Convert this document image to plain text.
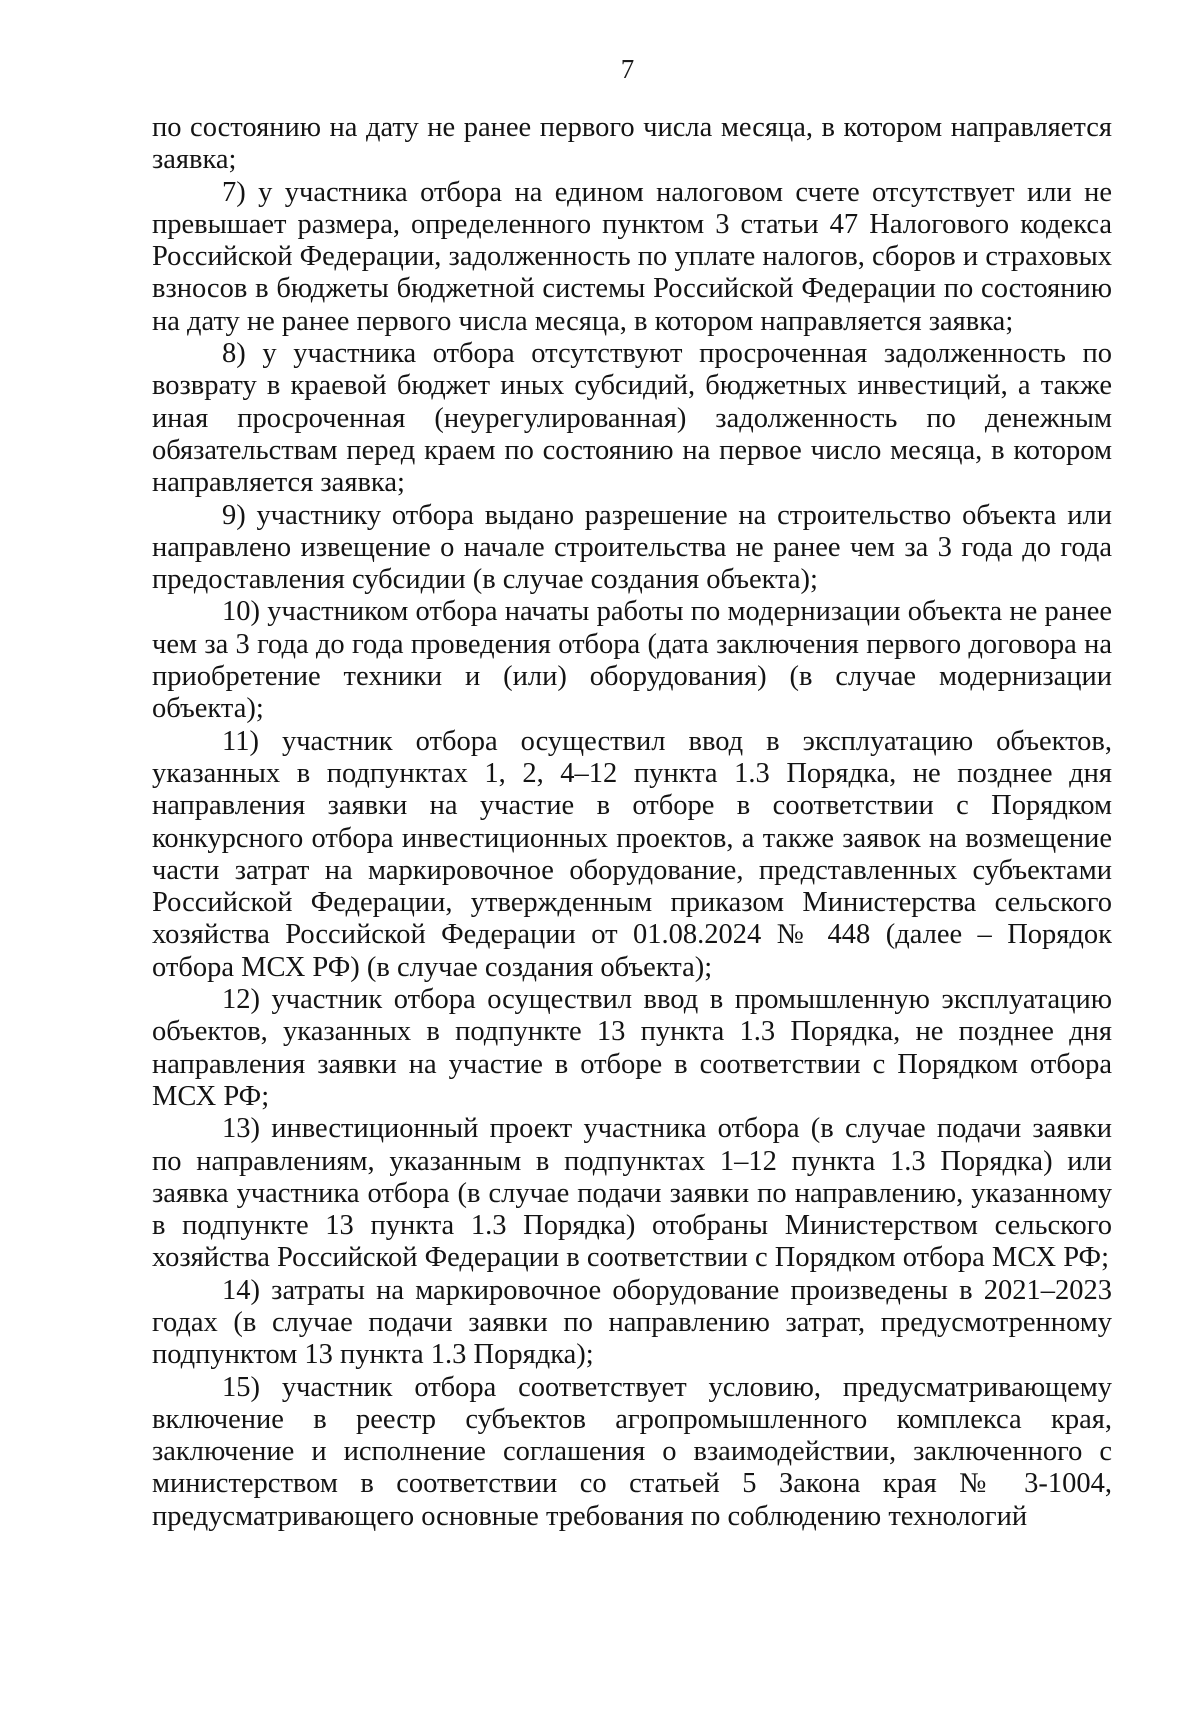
7

по состоянию на дату не ранее первого числа месяца, в котором направляется заявка;

7) у участника отбора на едином налоговом счете отсутствует или не превышает размера, определенного пунктом 3 статьи 47 Налогового кодекса Российской Федерации, задолженность по уплате налогов, сборов и страховых взносов в бюджеты бюджетной системы Российской Федерации по состоянию на дату не ранее первого числа месяца, в котором направляется заявка;

8) у участника отбора отсутствуют просроченная задолженность по возврату в краевой бюджет иных субсидий, бюджетных инвестиций, а также иная просроченная (неурегулированная) задолженность по денежным обязательствам перед краем по состоянию на первое число месяца, в котором направляется заявка;

9) участнику отбора выдано разрешение на строительство объекта или направлено извещение о начале строительства не ранее чем за 3 года до года предоставления субсидии (в случае создания объекта);

10) участником отбора начаты работы по модернизации объекта не ранее чем за 3 года до года проведения отбора (дата заключения первого договора на приобретение техники и (или) оборудования) (в случае модернизации объекта);

11) участник отбора осуществил ввод в эксплуатацию объектов, указанных в подпунктах 1, 2, 4–12 пункта 1.3 Порядка, не позднее дня направления заявки на участие в отборе в соответствии с Порядком конкурсного отбора инвестиционных проектов, а также заявок на возмещение части затрат на маркировочное оборудование, представленных субъектами Российской Федерации, утвержденным приказом Министерства сельского хозяйства Российской Федерации от 01.08.2024 № 448 (далее – Порядок отбора МСХ РФ) (в случае создания объекта);

12) участник отбора осуществил ввод в промышленную эксплуатацию объектов, указанных в подпункте 13 пункта 1.3 Порядка, не позднее дня направления заявки на участие в отборе в соответствии с Порядком отбора МСХ РФ;

13) инвестиционный проект участника отбора (в случае подачи заявки по направлениям, указанным в подпунктах 1–12 пункта 1.3 Порядка) или заявка участника отбора (в случае подачи заявки по направлению, указанному в подпункте 13 пункта 1.3 Порядка) отобраны Министерством сельского хозяйства Российской Федерации в соответствии с Порядком отбора МСХ РФ;

14) затраты на маркировочное оборудование произведены в 2021–2023 годах (в случае подачи заявки по направлению затрат, предусмотренному подпунктом 13 пункта 1.3 Порядка);

15) участник отбора соответствует условию, предусматривающему включение в реестр субъектов агропромышленного комплекса края, заключение и исполнение соглашения о взаимодействии, заключенного с министерством в соответствии со статьей 5 Закона края № 3-1004, предусматривающего основные требования по соблюдению технологий
